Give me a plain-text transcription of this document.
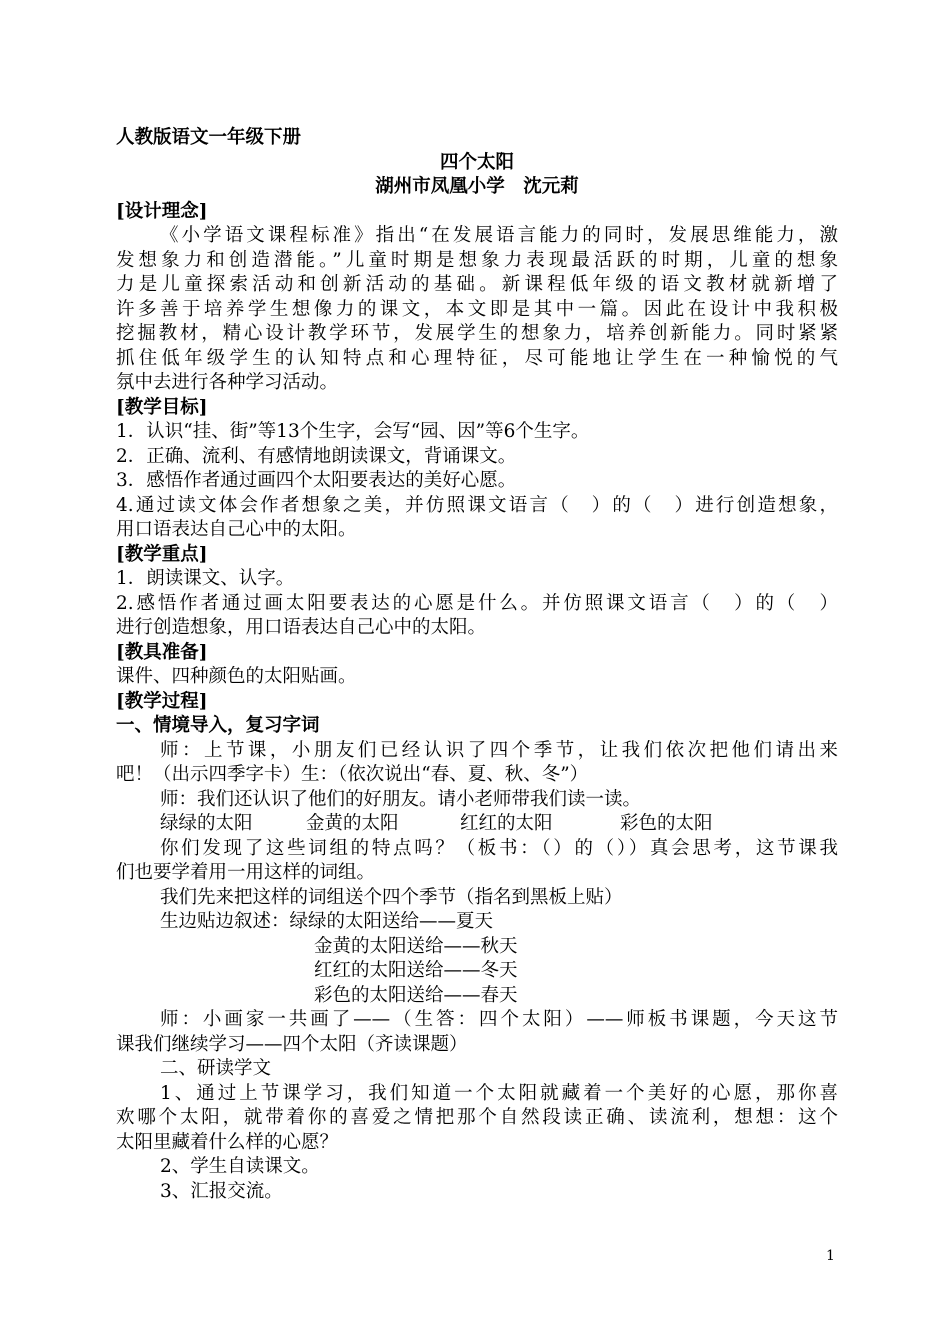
人教版语文一年级下册
四个太阳
湖州市凤凰小学　沈元莉
[设计理念]
《小学语文课程标准》指出“在发展语言能力的同时，发展思维能力，激
发想象力和创造潜能。”儿童时期是想象力表现最活跃的时期，儿童的想象
力是儿童探索活动和创新活动的基础。新课程低年级的语文教材就新增了
许多善于培养学生想像力的课文，本文即是其中一篇。因此在设计中我积极
挖掘教材，精心设计教学环节，发展学生的想象力，培养创新能力。同时紧紧
抓住低年级学生的认知特点和心理特征，尽可能地让学生在一种愉悦的气
氛中去进行各种学习活动。
[教学目标]
1．认识“挂、街”等13个生字，会写“园、因”等6个生字。
2．正确、流利、有感情地朗读课文，背诵课文。
3．感悟作者通过画四个太阳要表达的美好心愿。
4.通过读文体会作者想象之美，并仿照课文语言（　）的（　）进行创造想象，
用口语表达自己心中的太阳。
[教学重点]
1．朗读课文、认字。
2.感悟作者通过画太阳要表达的心愿是什么。并仿照课文语言（　）的（　）
进行创造想象，用口语表达自己心中的太阳。
[教具准备]
课件、四种颜色的太阳贴画。
[教学过程]
一、情境导入，复习字词
师：上节课，小朋友们已经认识了四个季节，让我们依次把他们请出来
吧！（出示四季字卡）生：（依次说出“春、夏、秋、冬”）
师：我们还认识了他们的好朋友。请小老师带我们读一读。
绿绿的太阳	金黄的太阳	红红的太阳	彩色的太阳
你们发现了这些词组的特点吗？（板书：（）的（））真会思考，这节课我
们也要学着用一用这样的词组。
我们先来把这样的词组送个四个季节（指名到黑板上贴）
生边贴边叙述：绿绿的太阳送给——夏天
金黄的太阳送给——秋天
红红的太阳送给——冬天
彩色的太阳送给——春天
师：小画家一共画了——（生答：四个太阳）——师板书课题，今天这节
课我们继续学习——四个太阳（齐读课题）
二、研读学文
1、通过上节课学习，我们知道一个太阳就藏着一个美好的心愿，那你喜
欢哪个太阳，就带着你的喜爱之情把那个自然段读正确、读流利，想想：这个
太阳里藏着什么样的心愿？
2、学生自读课文。
3、汇报交流。
1
